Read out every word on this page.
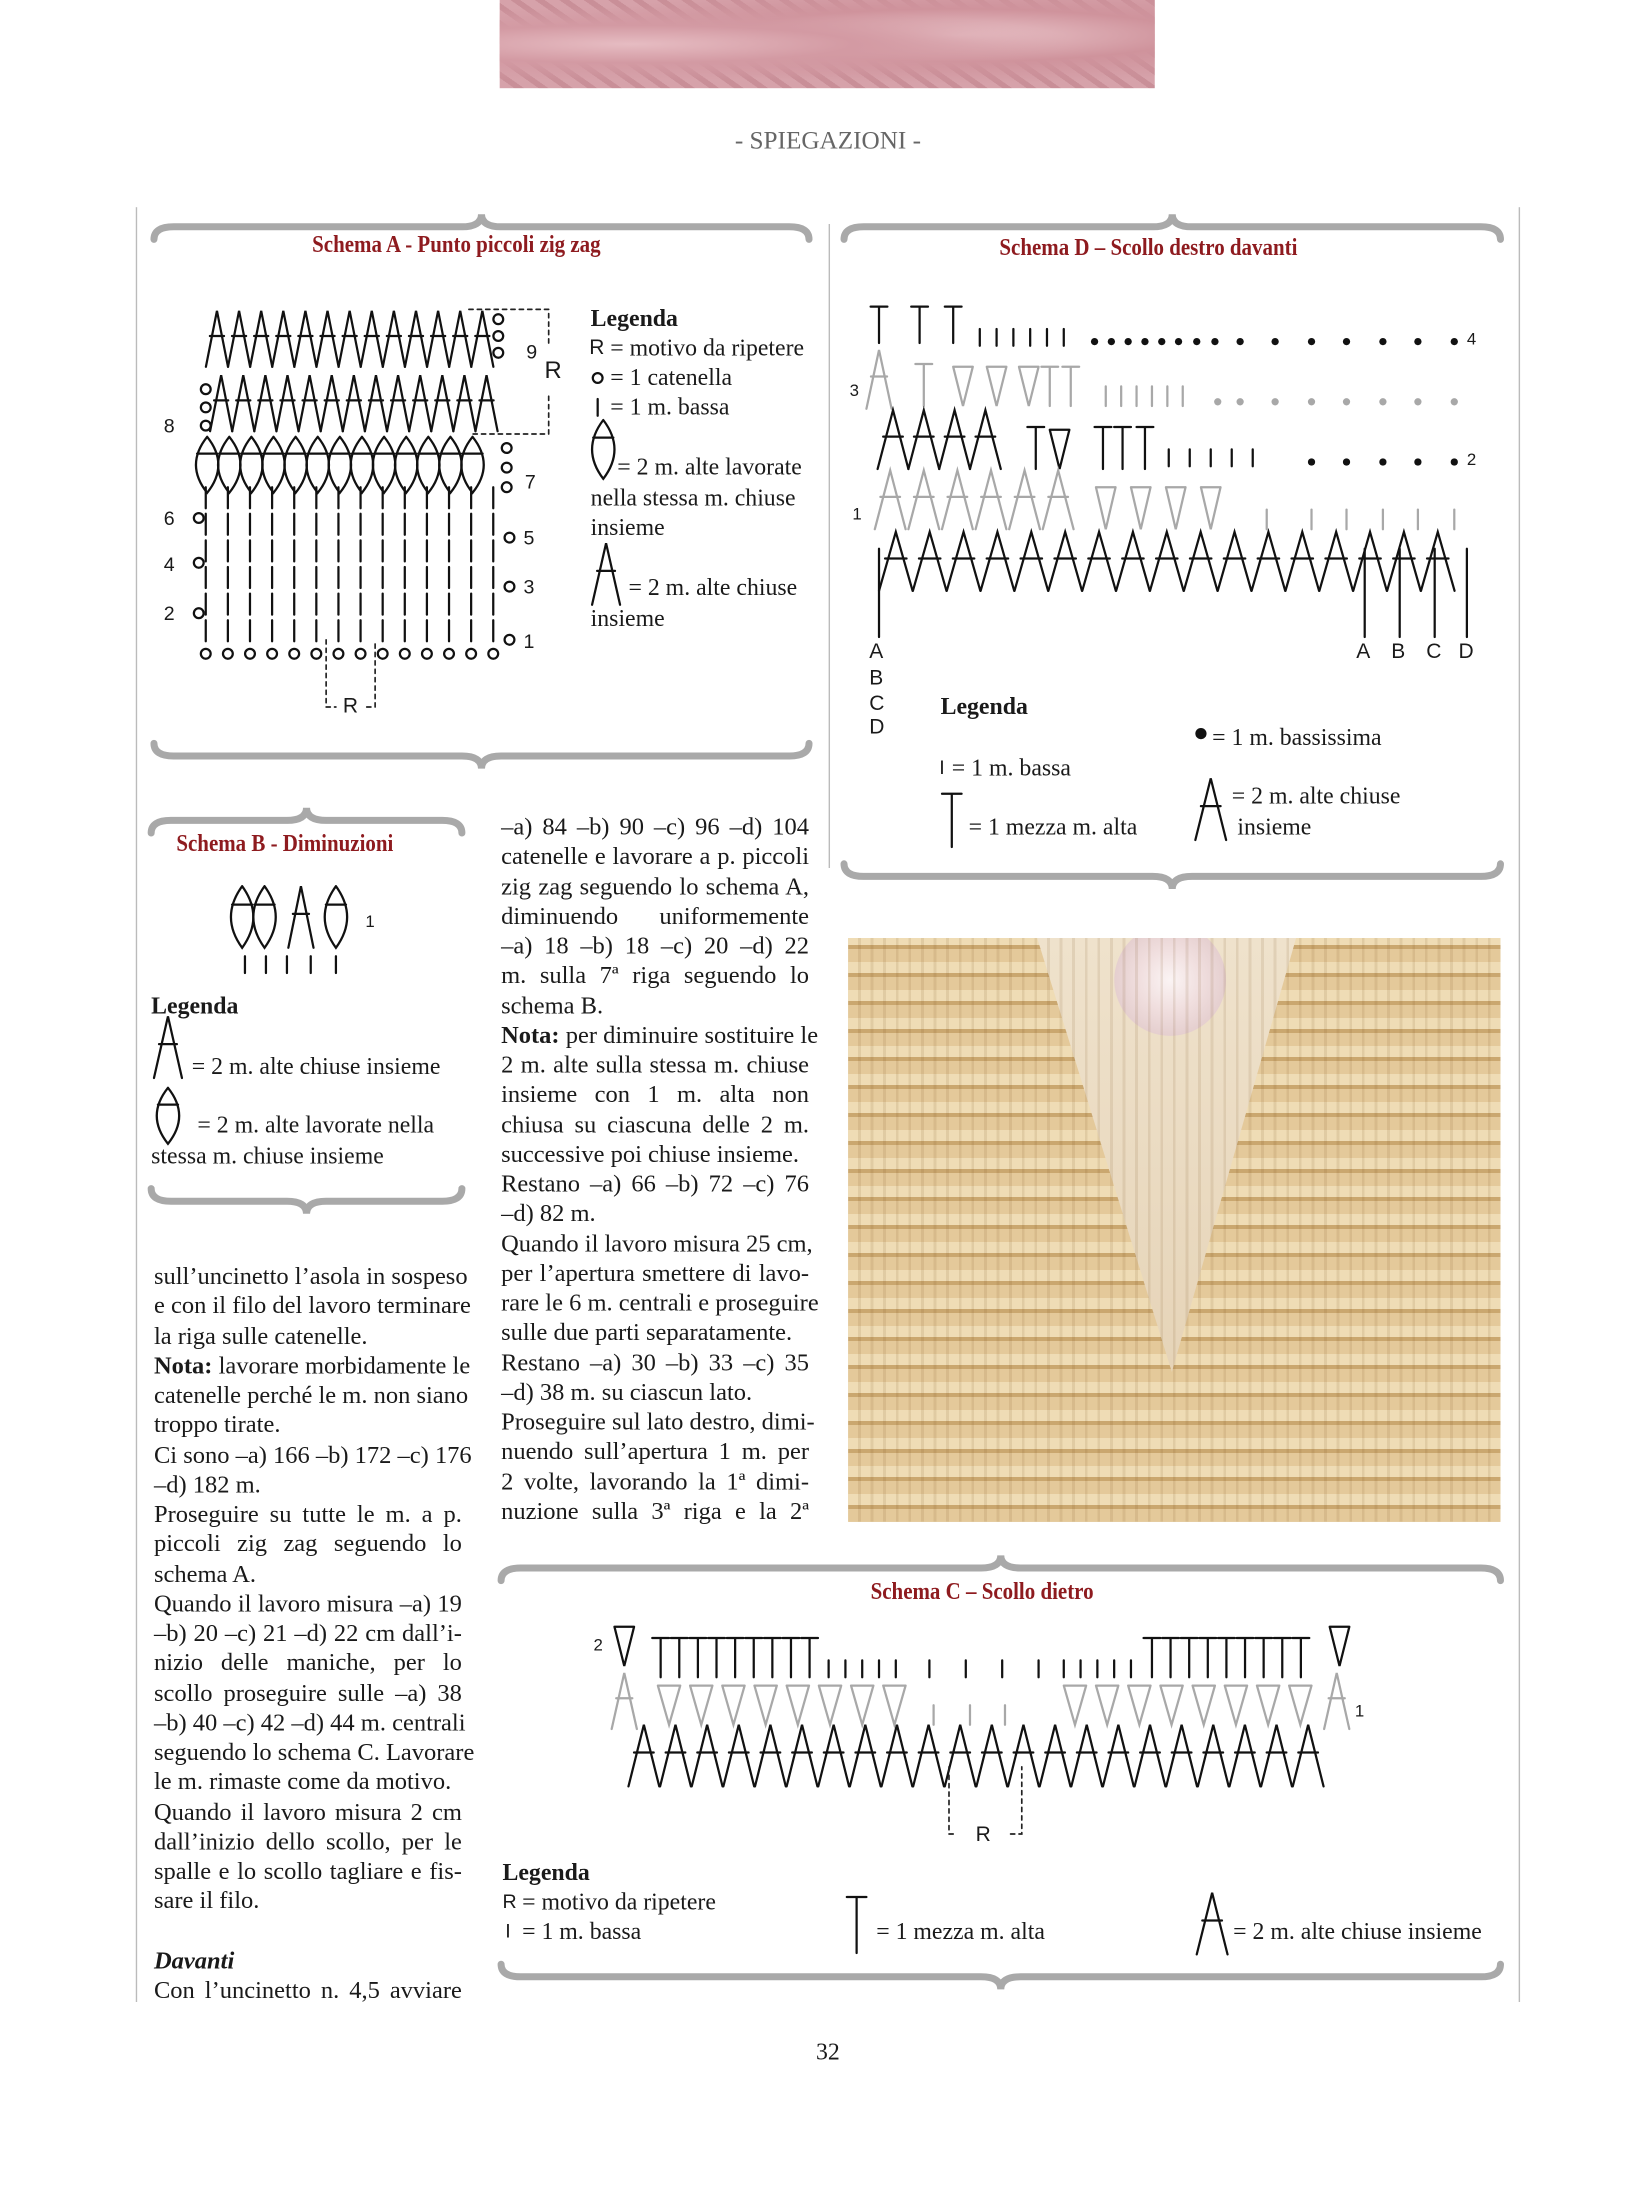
- SPIEGAZIONI -
Schema A - Punto piccoli zig zag
8
6
4
2
9
7
5
3
1
R
R
Legenda
R = motivo da ripetere
= 1 catenella
= 1 m. bassa
= 2 m. alte lavorate
nella stessa m. chiuse
insieme
= 2 m. alte chiuse
insieme
Schema D – Scollo destro davanti
4
3
2
1
A B C D
A
B
C
D
Legenda
= 1 m. bassissima
I = 1 m. bassa
= 2 m. alte chiuse
insieme
= 1 mezza m. alta
Schema B - Diminuzioni
1
Legenda
= 2 m. alte chiuse insieme
= 2 m. alte lavorate nella
stessa m. chiuse insieme
Schema C – Scollo dietro
2
1
R
Legenda
R = motivo da ripetere
I = 1 m. bassa	= 1 mezza m. alta	= 2 m. alte chiuse insieme
sull’uncinetto l’asola in sospeso
e con il filo del lavoro terminare
la riga sulle catenelle.
Nota: lavorare morbidamente le
catenelle perché le m. non siano
troppo tirate.
Ci sono –a) 166 –b) 172 –c) 176
–d) 182 m.
Proseguire su tutte le m. a p.
piccoli zig zag seguendo lo
schema A.
Quando il lavoro misura –a) 19
–b) 20 –c) 21 –d) 22 cm dall’i-
nizio delle maniche, per lo
scollo proseguire sulle –a) 38
–b) 40 –c) 42 –d) 44 m. centrali
seguendo lo schema C. Lavorare
le m. rimaste come da motivo.
Quando il lavoro misura 2 cm
dall’inizio dello scollo, per le
spalle e lo scollo tagliare e fis-
sare il filo.
Davanti
Con l’uncinetto n. 4,5 avviare
–a) 84 –b) 90 –c) 96 –d) 104
catenelle e lavorare a p. piccoli
zig zag seguendo lo schema A,
diminuendo uniformemente
–a) 18 –b) 18 –c) 20 –d) 22
m. sulla 7ª riga seguendo lo
schema B.
Nota: per diminuire sostituire le
2 m. alte sulla stessa m. chiuse
insieme con 1 m. alta non
chiusa su ciascuna delle 2 m.
successive poi chiuse insieme.
Restano –a) 66 –b) 72 –c) 76
–d) 82 m.
Quando il lavoro misura 25 cm,
per l’apertura smettere di lavo-
rare le 6 m. centrali e proseguire
sulle due parti separatamente.
Restano –a) 30 –b) 33 –c) 35
–d) 38 m. su ciascun lato.
Proseguire sul lato destro, dimi-
nuendo sull’apertura 1 m. per
2 volte, lavorando la 1ª dimi-
nuzione sulla 3ª riga e la 2ª
32
